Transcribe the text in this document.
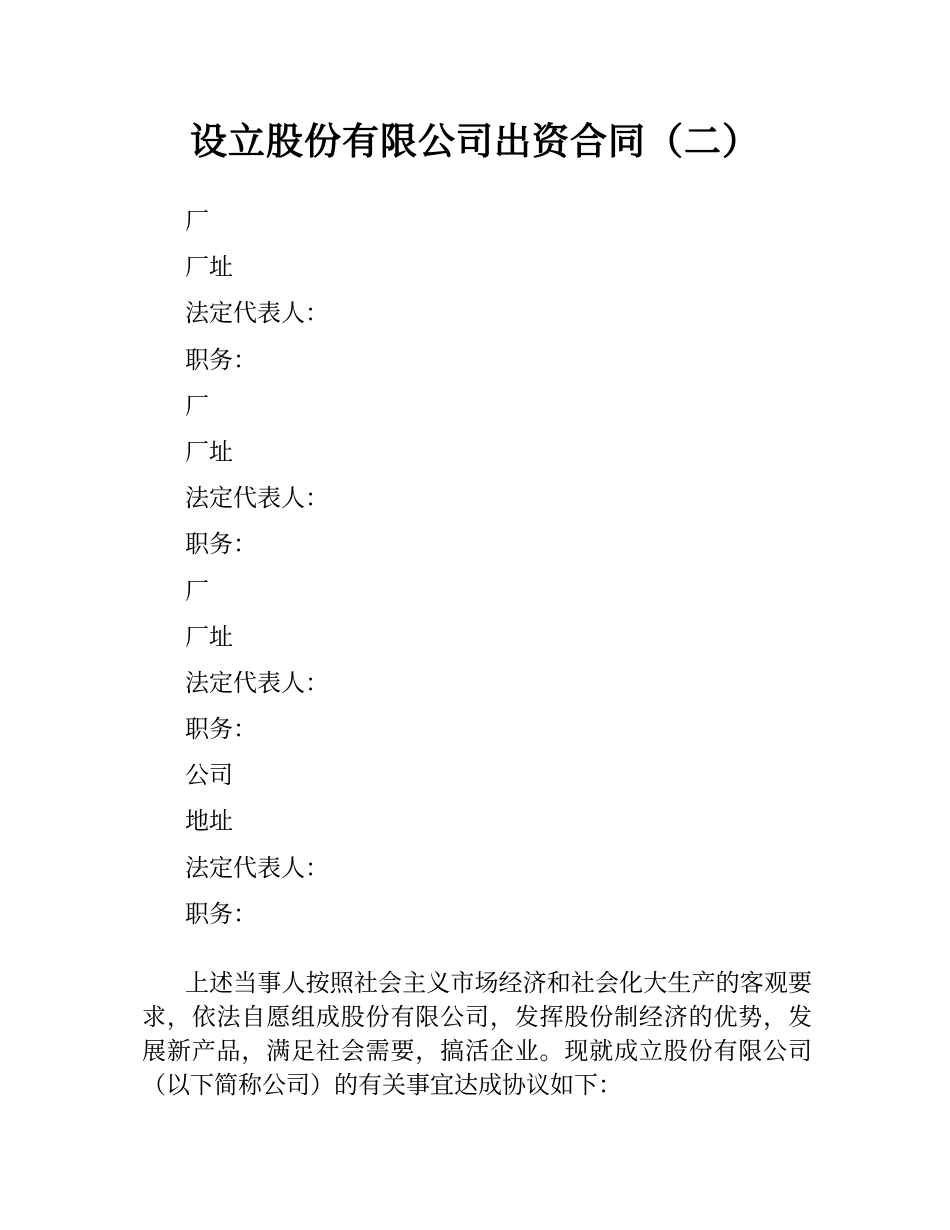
设立股份有限公司出资合同（二）
厂
厂址
法定代表人：
职务：
厂
厂址
法定代表人：
职务：
厂
厂址
法定代表人：
职务：
公司
地址
法定代表人：
职务：

上述当事人按照社会主义市场经济和社会化大生产的客观要求，依法自愿组成股份有限公司，发挥股份制经济的优势，发展新产品，满足社会需要，搞活企业。现就成立股份有限公司（以下简称公司）的有关事宜达成协议如下：
